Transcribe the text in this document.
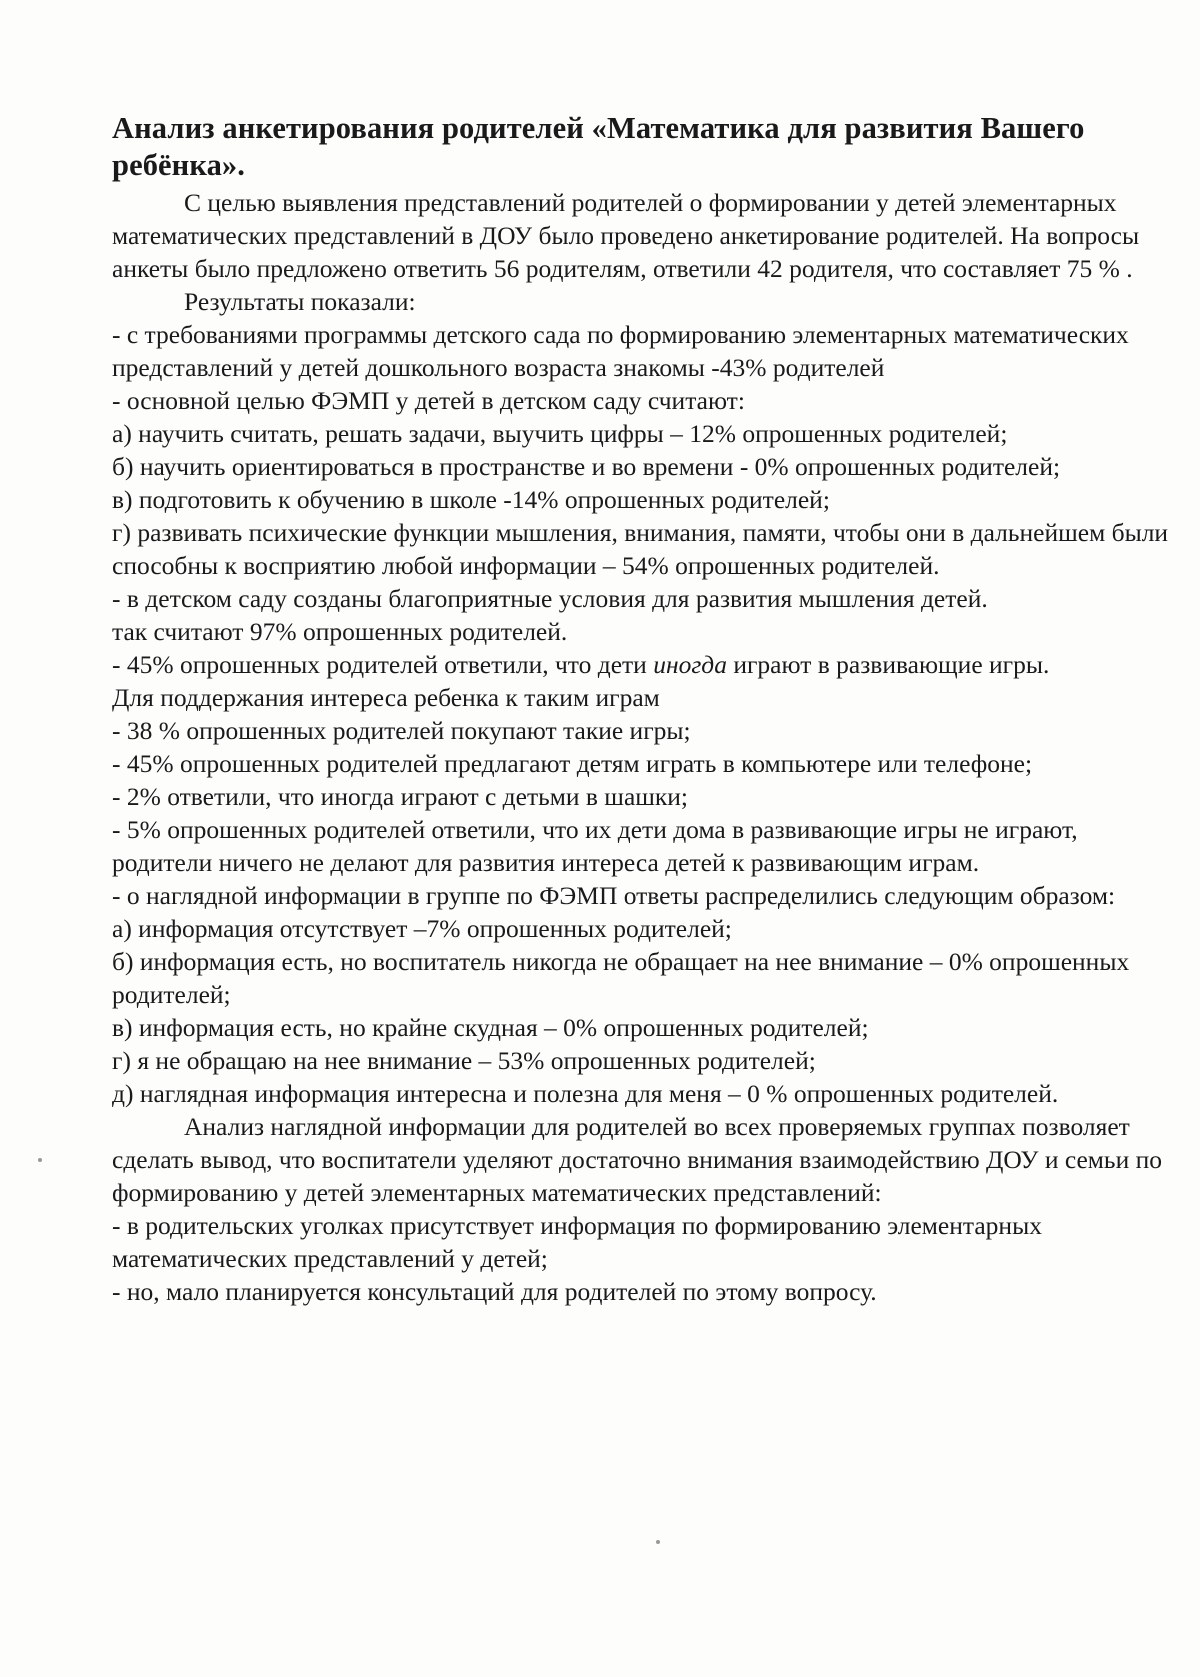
Анализ анкетирования родителей «Математика для развития Вашего ребёнка».

С целью выявления представлений родителей о формировании у детей элементарных математических представлений в ДОУ было проведено анкетирование родителей. На вопросы анкеты было предложено ответить 56 родителям, ответили 42 родителя, что составляет 75 % .

Результаты показали:

- с требованиями программы детского сада по формированию элементарных математических представлений у детей дошкольного возраста знакомы -43% родителей

- основной целью ФЭМП у детей в детском саду считают:

а) научить считать, решать задачи, выучить цифры – 12% опрошенных родителей;

б) научить ориентироваться в пространстве и во времени - 0% опрошенных родителей;

в) подготовить к обучению в школе -14% опрошенных родителей;

г) развивать психические функции мышления, внимания, памяти, чтобы они в дальнейшем были способны к восприятию любой информации – 54% опрошенных родителей.

- в детском саду созданы благоприятные условия для развития мышления детей.

так считают 97% опрошенных родителей.

- 45% опрошенных родителей ответили, что дети иногда играют в развивающие игры.

Для поддержания интереса ребенка к таким играм

- 38 % опрошенных родителей покупают такие игры;

- 45% опрошенных родителей предлагают детям играть в компьютере или телефоне;

- 2% ответили, что иногда играют с детьми в шашки;

- 5% опрошенных родителей ответили, что их дети дома в развивающие игры не играют, родители ничего не делают для развития интереса детей к развивающим играм.

- о наглядной информации в группе по ФЭМП ответы распределились следующим образом:

а) информация отсутствует –7% опрошенных родителей;

б) информация есть, но воспитатель никогда не обращает на нее внимание – 0% опрошенных родителей;

в) информация есть, но крайне скудная – 0% опрошенных родителей;

г) я не обращаю на нее внимание – 53% опрошенных родителей;

д) наглядная информация интересна и полезна для меня – 0 % опрошенных родителей.

Анализ наглядной информации для родителей во всех проверяемых группах позволяет сделать вывод, что воспитатели уделяют достаточно внимания взаимодействию ДОУ и семьи по формированию у детей элементарных математических представлений:

- в родительских уголках присутствует информация по формированию элементарных математических представлений у детей;

- но, мало планируется консультаций для родителей по этому вопросу.
